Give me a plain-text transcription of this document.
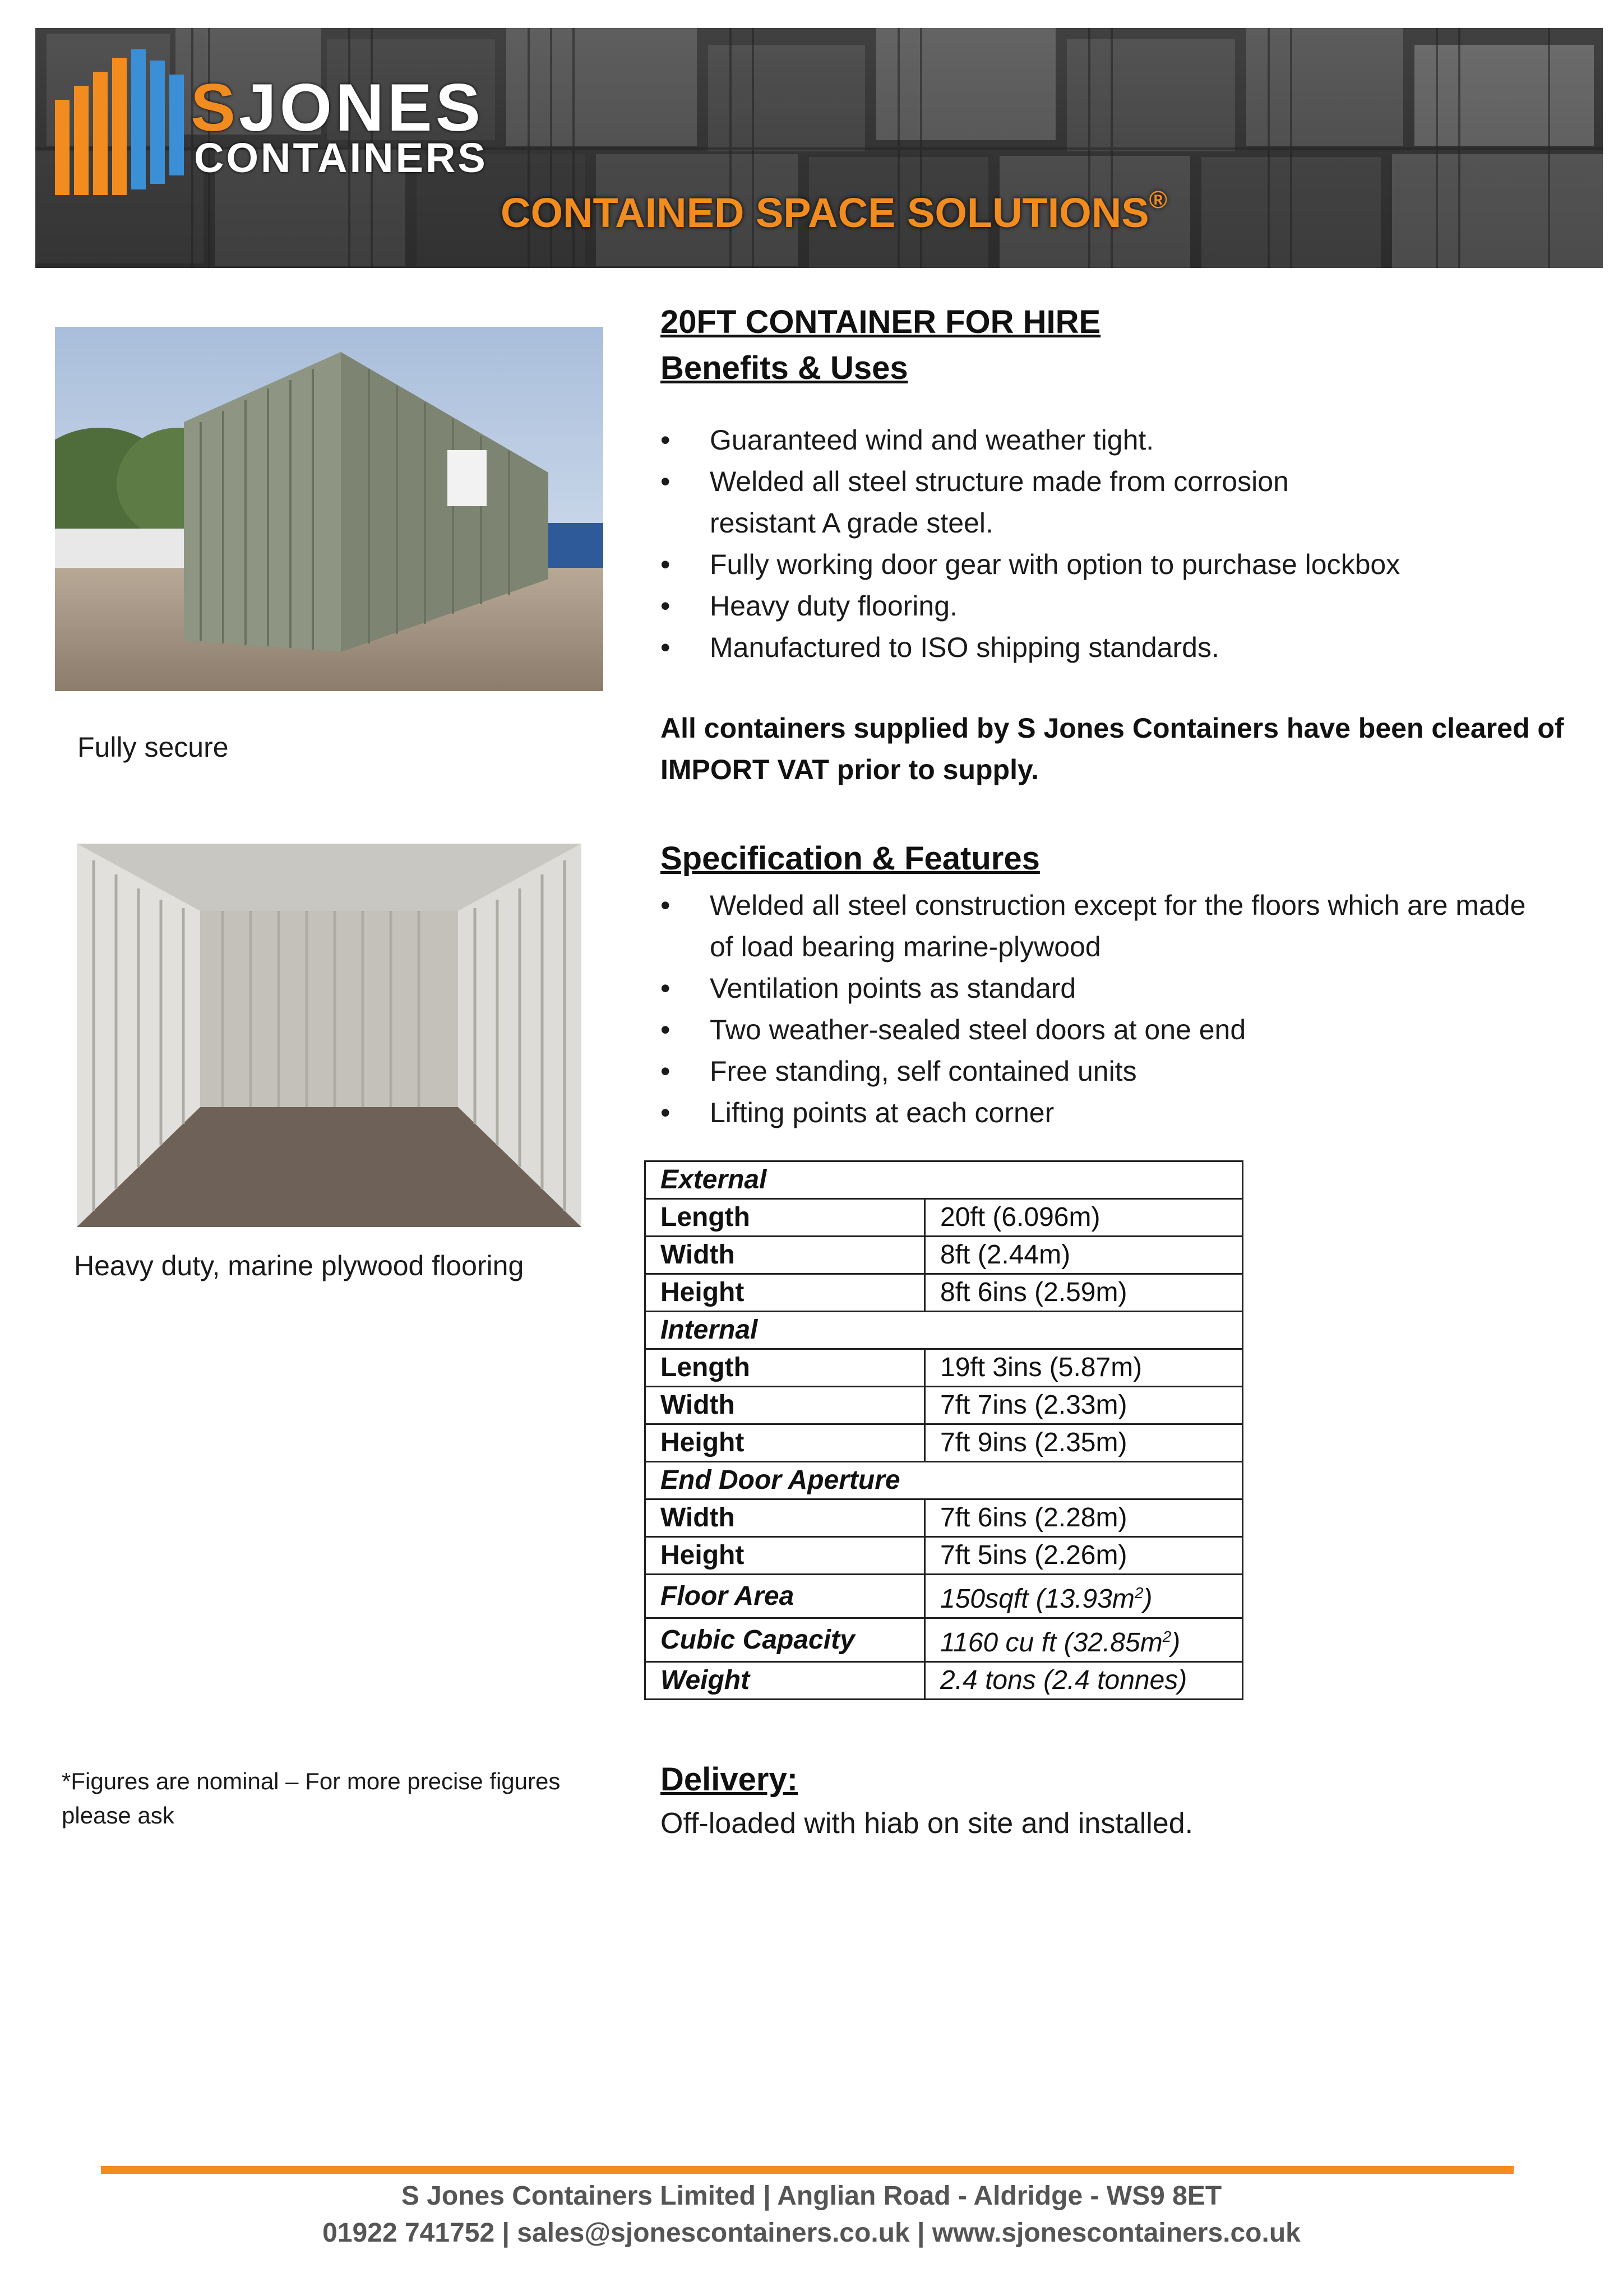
SJONES
CONTAINERS
CONTAINED SPACE SOLUTIONS®
Fully secure
Heavy duty, marine plywood flooring
*Figures are nominal – For more precise figures please ask
20FT CONTAINER FOR HIRE
Benefits & Uses
• Guaranteed wind and weather tight.
• Welded all steel structure made from corrosion resistant A grade steel.
• Fully working door gear with option to purchase lockbox
• Heavy duty flooring.
• Manufactured to ISO shipping standards.
All containers supplied by S Jones Containers have been cleared of IMPORT VAT prior to supply.
Specification & Features
• Welded all steel construction except for the floors which are made of load bearing marine-plywood
• Ventilation points as standard
• Two weather-sealed steel doors at one end
• Free standing, self contained units
• Lifting points at each corner
External	
Length	20ft (6.096m)
Width	8ft (2.44m)
Height	8ft 6ins (2.59m)
Internal	
Length	19ft 3ins (5.87m)
Width	7ft 7ins (2.33m)
Height	7ft 9ins (2.35m)
End Door Aperture	
Width	7ft 6ins (2.28m)
Height	7ft 5ins (2.26m)
Floor Area	150sqft $(13.93m^2)$
Cubic Capacity	1160 cu ft $(32.85m^2)$
Weight	2.4 tons (2.4 tonnes)
Delivery:
Off-loaded with hiab on site and installed.
S Jones Containers Limited | Anglian Road - Aldridge - WS9 8ET
01922 741752 | sales@sjonescontainers.co.uk | www.sjonescontainers.co.uk
